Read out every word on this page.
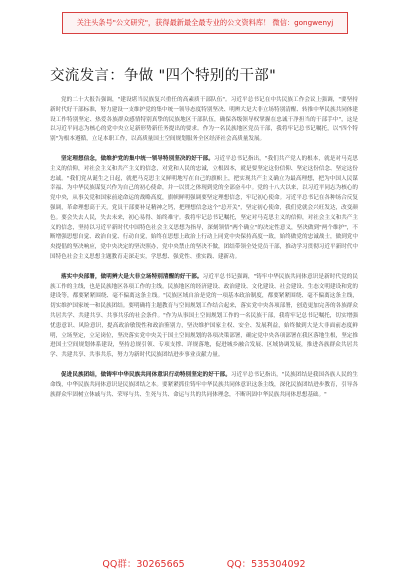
关注头条号"公文研究"，获得最新最全最专业的公文资料库！ 微信：gongwenyj
交流发言：争做 "四个特别的干部"

党的二十大报告强调，"建设堪当民族复兴重任的高素质干部队伍"。习近平总书记在中共民族工作会议上强调，"要坚持新时代好干部标准，努力建设一支维护党的集中统一领导态度特别坚决、明辨大是大非立场特别清醒、转推中华民族共同体建设工作特别坚定、热爱各族群众感情特别真挚的民族地区干部队伍，确保各级领导权掌握在忠诚干净担当的干部手中"，这是以习近平同志为核心的党中央立足新形势新任务提出的要求。作为一名民族地区党员干部，我将牢记总书记嘱托，以"四个特别"为根本遵循，立足本职工作，以高质量国土空间规划服务全区经济社会高质量发展。

坚定理想信念，做维护党的集中统一领导特别坚决的好干部。习近平总书记指出，"我们共产党人的根本，就是对马克思主义的信仰，对社会主义和共产主义的信念，对党和人民的忠诚，立根固本，就是要坚定这份信仰、坚定这份信念、坚定这份忠诚。"我们党从诞生之日起，就把马克思主义鲜明地写在自己的旗帜上，把实现共产主义确立为最高理想，把为中国人民谋幸福、为中华民族谋复兴作为自己的初心使命，并一以贯之体现到党的全部奋斗中。党的十八大以来，以习近平同志为核心的党中央，从事关党和国家前途命运的战略高度，旗帜鲜明强调要坚定理想信念，牢记初心使命。习近平总书记在各种场合反复强调，革命理想高于天，党员干部要补足精神之钙，把理想信念这个"总开关"，坚定初心使命，我们党就会兴旺发达，改变颜色。要会失去人民，失去未来，初心易得、始终难守。我将牢记总书记嘱托，坚定对马克思主义的信仰，对社会主义和共产主义的信念，坚持以习近平新时代中国特色社会主义思想为指导，深刻领悟"两个确立"的决定性意义，坚决做到"两个维护"，不断增强思想自觉、政治自觉、行动自觉，始终在思想上政治上行动上同党中央保持高度一致，始终做党的忠诚战士，做到党中央提倡的坚决响应，党中央决定的坚决照办，党中央禁止的坚决不做，团结带领全处党员干部，推动学习贯彻习近平新时代中国特色社会主义思想主题教育走深走实，学思想、强党性、重实践、建新功。

落实中央部署，做明辨大是大非立场特别清醒的好干部。习近平总书记强调，"铸牢中华民族共同体意识是新时代党的民族工作的主线，也是民族地区各项工作的主线。民族地区的经济建设、政治建设、文化建设、社会建设、生态文明建设和党的建设等，都要紧紧围绕、毫不偏离这条主线。"民族区域自治是党的一项基本政治制度，都要紧紧围绕、毫不偏离这条主线，切实维护国家统一和民族团结。要明确将主题教育与空间规划工作结合起来，落实党中央各项部署，创造更加完善的各族群众共居共学、共建共享、共事共乐的社会条件。"作为从事国土空间规划工作的一名民族干部，我将牢记总书记嘱托，切实增强忧患意识、风险意识，提高政治敏锐性和政治鉴别力，坚决维护国家主权、安全、发展利益，始终做到大是大非面前态度鲜明，立场坚定，立足岗位，坚决落实党中央关于国土空间规划的各项决策部署，确定党中央各项部署在我区落地生根，坚定推进国土空间规划体系建设，坚持总规引领、专项支撑、详规落地，促进城乡融合发展、区域协调发展，推进各族群众共居共学、共建共享、共事共乐，努力为新时代民族团结进步事业贡献力量。

促进民族团结，做铸牢中华民族共同体意识行动特别坚定的好干部。习近平总书记指出，"民族团结是我国各族人民的生命线，中华民族共同体意识是民族团结之本。要紧紧抓住铸牢中华民族共同体意识这条主线，深化民族团结进步教育，引导各族群众牢固树立休戚与共、荣辱与共、生死与共、命运与共的共同体理念，不断巩固中华民族共同体思想基础。"

QQ群：30265665	QQ：535304092
